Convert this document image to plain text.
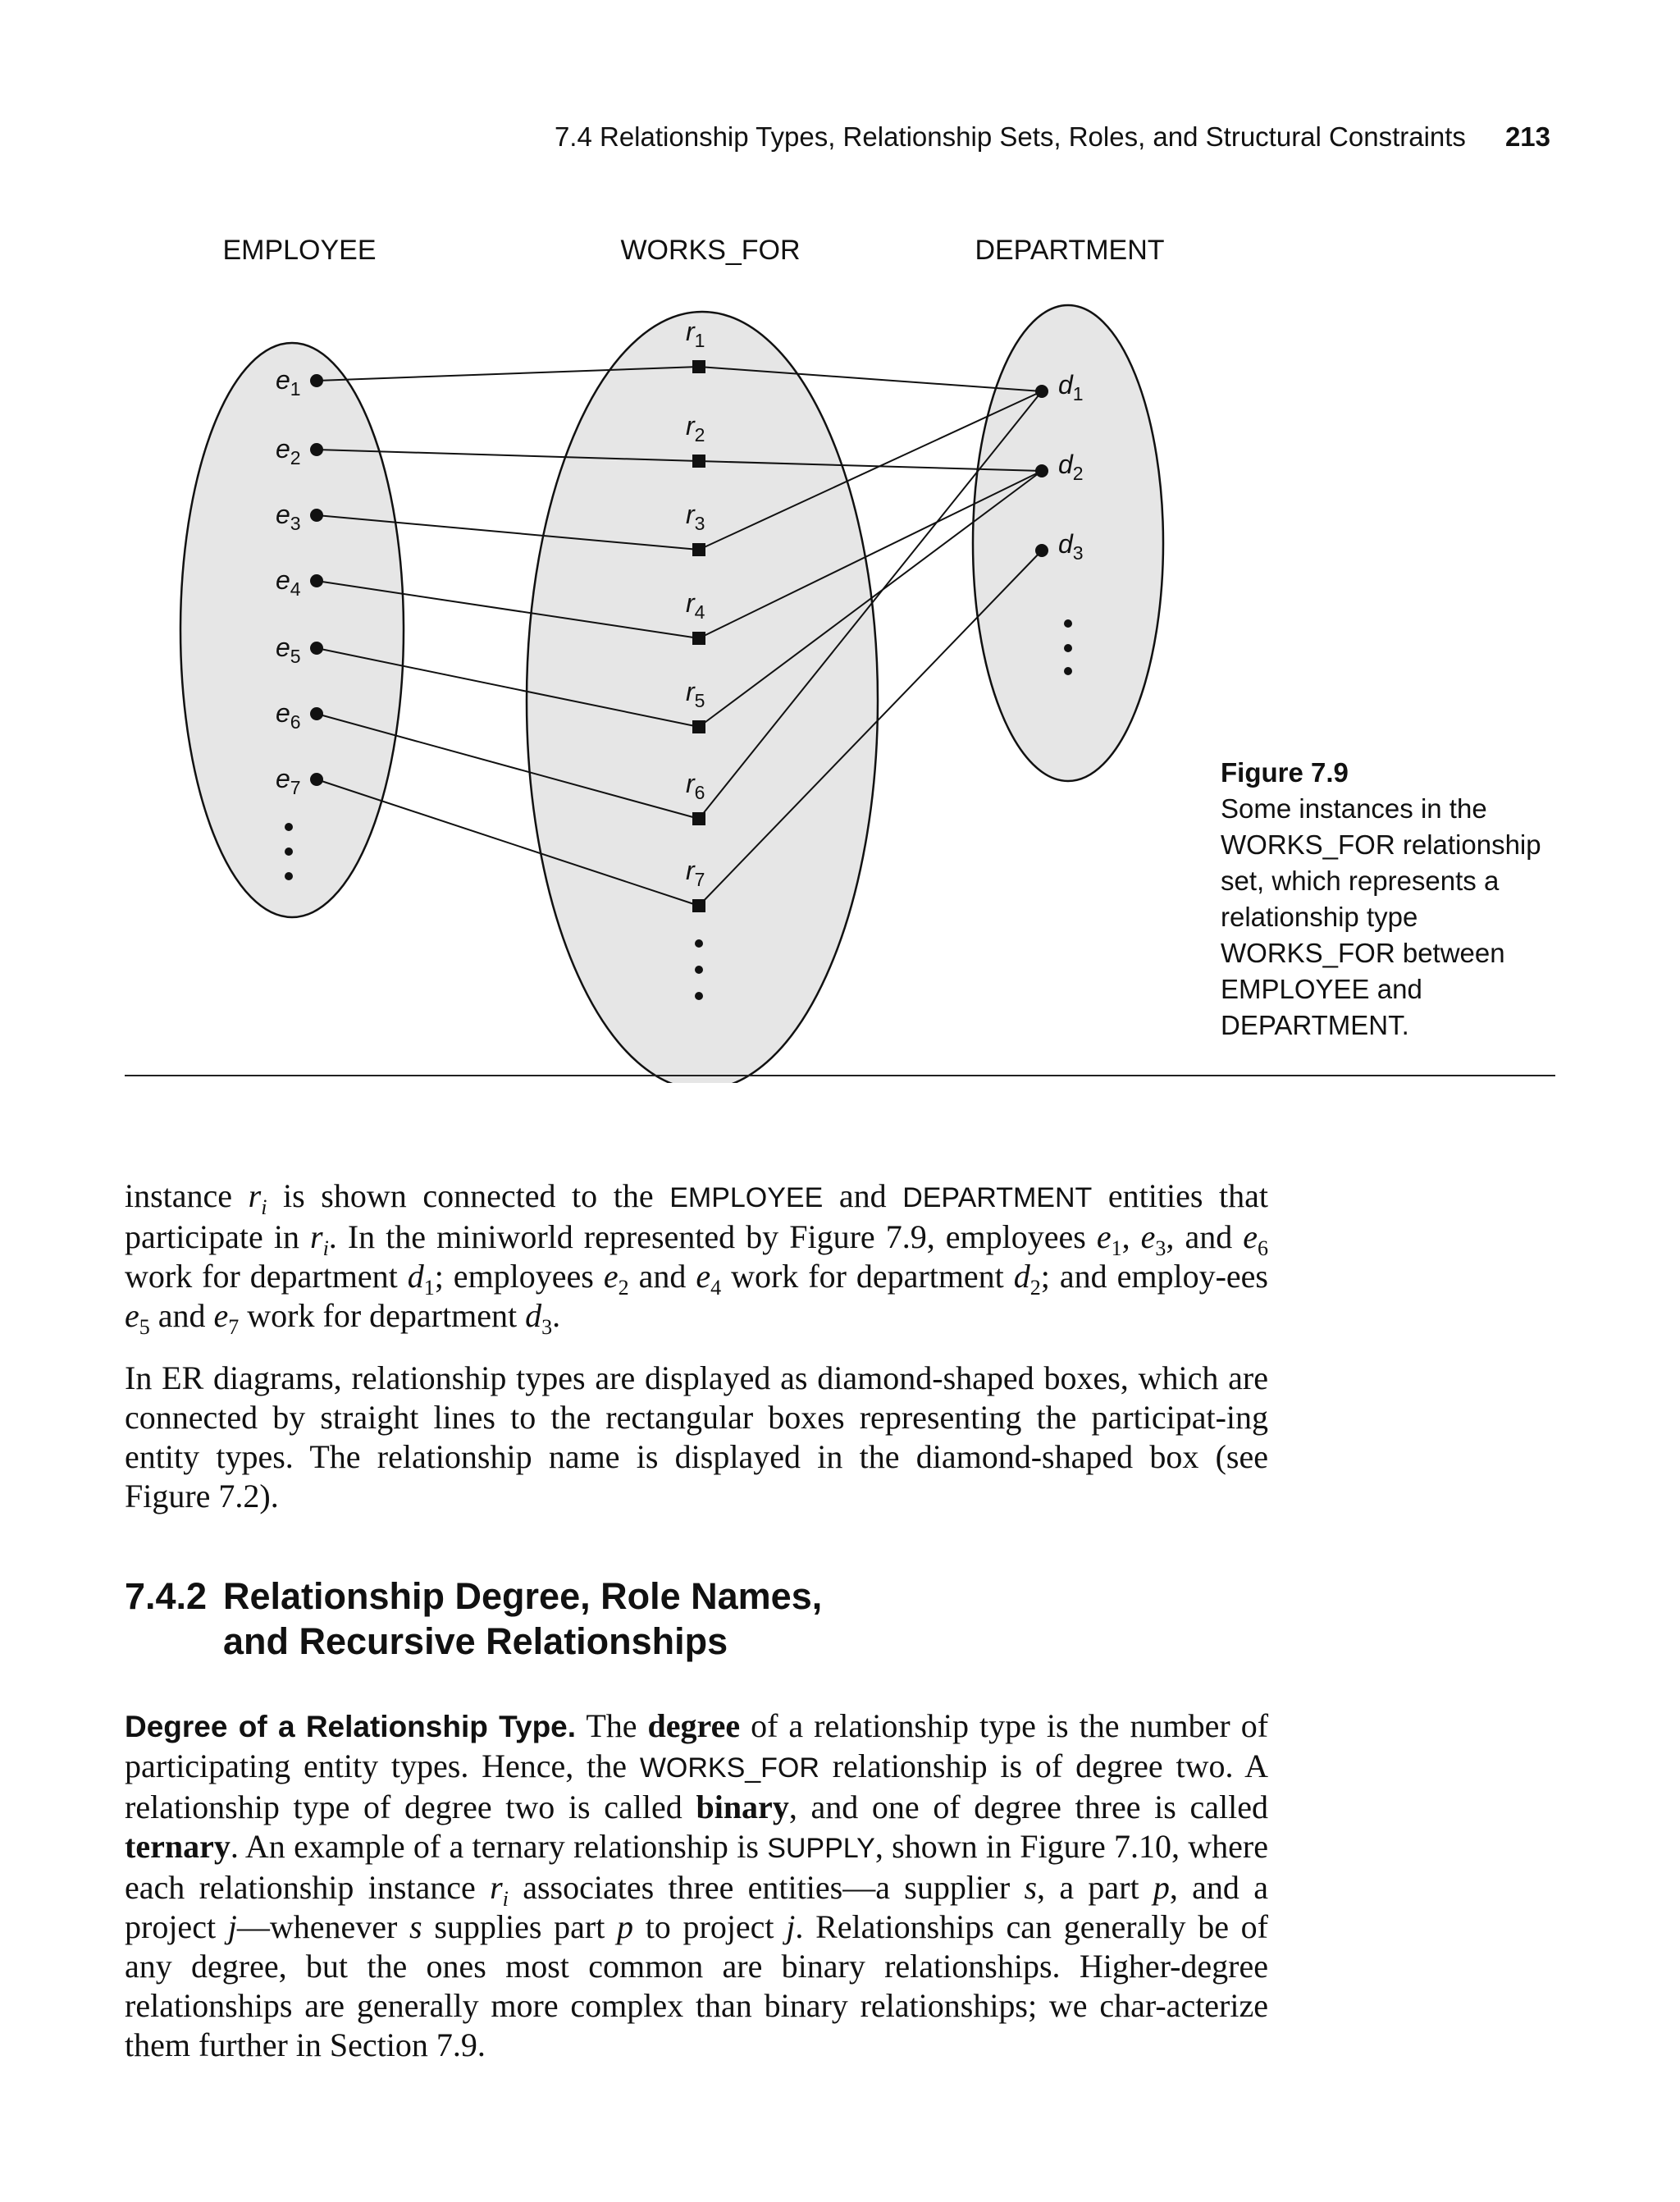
7.4 Relationship Types, Relationship Sets, Roles, and Structural Constraints 213
EMPLOYEE	WORKS_FOR	DEPARTMENT
$e_1$
$e_2$
$e_3$
$e_4$
$e_5$
$e_6$
$e_7$
$r_1$
$r_2$
$r_3$
$r_4$
$r_5$
$r_6$
$r_7$
$d_1$
$d_2$
$d_3$
Figure 7.9
Some instances in the WORKS_FOR relationship set, which represents a relationship type WORKS_FOR between EMPLOYEE and DEPARTMENT.

instance $r_i$ is shown connected to the EMPLOYEE and DEPARTMENT entities that participate in $r_i$. In the miniworld represented by Figure 7.9, employees $e_1$, $e_3$, and $e_6$ work for department $d_1$; employees $e_2$ and $e_4$ work for department $d_2$; and employ-ees $e_5$ and $e_7$ work for department $d_3$.

In ER diagrams, relationship types are displayed as diamond-shaped boxes, which are connected by straight lines to the rectangular boxes representing the participat-ing entity types. The relationship name is displayed in the diamond-shaped box (see Figure 7.2).

7.4.2 Relationship Degree, Role Names,
and Recursive Relationships

Degree of a Relationship Type. The degree of a relationship type is the number of participating entity types. Hence, the WORKS_FOR relationship is of degree two. A relationship type of degree two is called binary, and one of degree three is called ternary. An example of a ternary relationship is SUPPLY, shown in Figure 7.10, where each relationship instance $r_i$ associates three entities—a supplier s, a part p, and a project j—whenever s supplies part p to project j. Relationships can generally be of any degree, but the ones most common are binary relationships. Higher-degree relationships are generally more complex than binary relationships; we char-acterize them further in Section 7.9.
